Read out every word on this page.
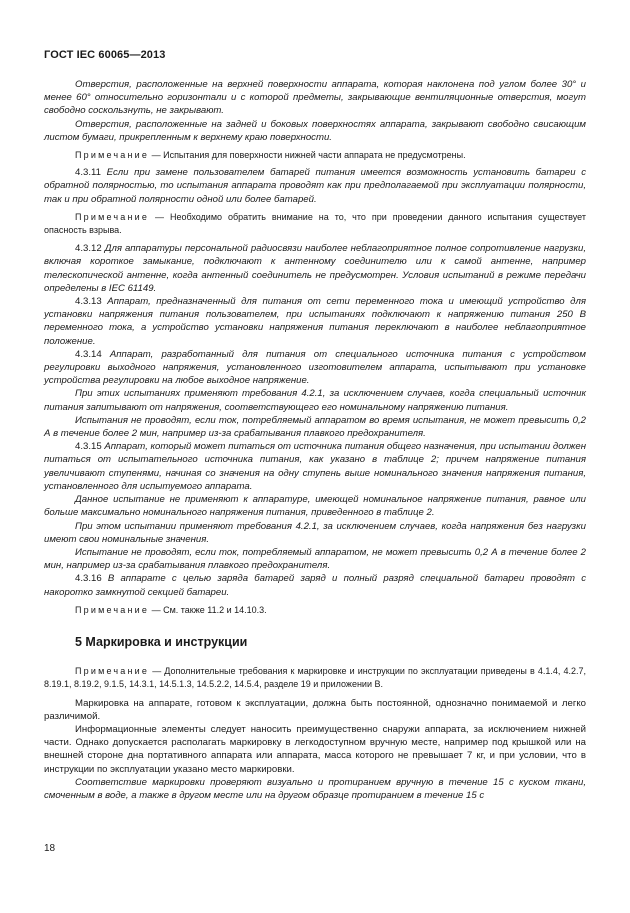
ГОСТ IEC 60065—2013

Отверстия, расположенные на верхней поверхности аппарата, которая наклонена под углом более 30° и менее 60° относительно горизонтали и с которой предметы, закрывающие вентиляционные отверстия, могут свободно соскользнуть, не закрывают.

Отверстия, расположенные на задней и боковых поверхностях аппарата, закрывают свободно свисающим листом бумаги, прикрепленным к верхнему краю поверхности.

Примечание — Испытания для поверхности нижней части аппарата не предусмотрены.

4.3.11 Если при замене пользователем батарей питания имеется возможность установить батареи с обратной полярностью, то испытания аппарата проводят как при предполагаемой при эксплуатации полярности, так и при обратной полярности одной или более батарей.

Примечание — Необходимо обратить внимание на то, что при проведении данного испытания существует опасность взрыва.

4.3.12 Для аппаратуры персональной радиосвязи наиболее неблагоприятное полное сопротивление нагрузки, включая короткое замыкание, подключают к антенному соединителю или к самой антенне, например телескопической антенне, когда антенный соединитель не предусмотрен. Условия испытаний в режиме передачи определены в IEC 61149.

4.3.13 Аппарат, предназначенный для питания от сети переменного тока и имеющий устройство для установки напряжения питания пользователем, при испытаниях подключают к напряжению питания 250 В переменного тока, а устройство установки напряжения питания переключают в наиболее неблагоприятное положение.

4.3.14 Аппарат, разработанный для питания от специального источника питания с устройством регулировки выходного напряжения, установленного изготовителем аппарата, испытывают при установке устройства регулировки на любое выходное напряжение.

При этих испытаниях применяют требования 4.2.1, за исключением случаев, когда специальный источник питания запитывают от напряжения, соответствующего его номинальному напряжению питания.

Испытания не проводят, если ток, потребляемый аппаратом во время испытания, не может превысить 0,2 А в течение более 2 мин, например из-за срабатывания плавкого предохранителя.

4.3.15 Аппарат, который может питаться от источника питания общего назначения, при испытании должен питаться от испытательного источника питания, как указано в таблице 2; причем напряжение питания увеличивают ступенями, начиная со значения на одну ступень выше номинального значения напряжения питания, установленного для испытуемого аппарата.

Данное испытание не применяют к аппаратуре, имеющей номинальное напряжение питания, равное или больше максимально номинального напряжения питания, приведенного в таблице 2.

При этом испытании применяют требования 4.2.1, за исключением случаев, когда напряжения без нагрузки имеют свои номинальные значения.

Испытание не проводят, если ток, потребляемый аппаратом, не может превысить 0,2 А в течение более 2 мин, например из-за срабатывания плавкого предохранителя.

4.3.16 В аппарате с целью заряда батарей заряд и полный разряд специальной батареи проводят с накоротко замкнутой секцией батареи.

Примечание — См. также 11.2 и 14.10.3.

5 Маркировка и инструкции

Примечание — Дополнительные требования к маркировке и инструкции по эксплуатации приведены в 4.1.4, 4.2.7, 8.19.1, 8.19.2, 9.1.5, 14.3.1, 14.5.1.3, 14.5.2.2, 14.5.4, разделе 19 и приложении В.

Маркировка на аппарате, готовом к эксплуатации, должна быть постоянной, однозначно понимаемой и легко различимой.

Информационные элементы следует наносить преимущественно снаружи аппарата, за исключением нижней части. Однако допускается располагать маркировку в легкодоступном вручную месте, например под крышкой или на внешней стороне дна портативного аппарата или аппарата, масса которого не превышает 7 кг, и при условии, что в инструкции по эксплуатации указано место маркировки.

Соответствие маркировки проверяют визуально и протиранием вручную в течение 15 с куском ткани, смоченным в воде, а также в другом месте или на другом образце протиранием в течение 15 с

18
